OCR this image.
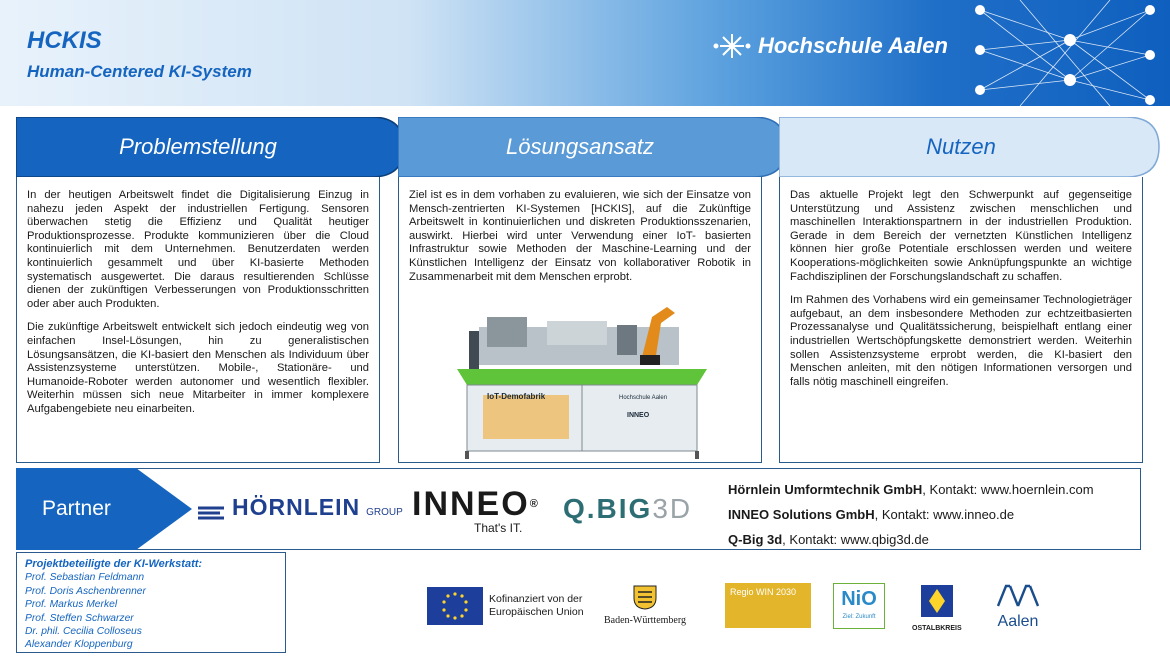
HCKIS
Human-Centered KI-System
Hochschule Aalen
Problemstellung	Lösungsansatz	Nutzen

In der heutigen Arbeitswelt findet die Digitalisierung Einzug in nahezu jeden Aspekt der industriellen Fertigung. Sensoren überwachen stetig die Effizienz und Qualität heutiger Produktionsprozesse. Produkte kommunizieren über die Cloud kontinuierlich mit dem Unternehmen. Benutzerdaten werden kontinuierlich gesammelt und über KI-basierte Methoden systematisch ausgewertet. Die daraus resultierenden Schlüsse dienen der zukünftigen Verbesserungen von Produktionsschritten oder aber auch Produkten.

Die zukünftige Arbeitswelt entwickelt sich jedoch eindeutig weg von einfachen Insel-Lösungen, hin zu generalistischen Lösungsansätzen, die KI-basiert den Menschen als Individuum über Assistenzsysteme unterstützen. Mobile-, Stationäre- und Humanoide-Roboter werden autonomer und wesentlich flexibler. Weiterhin müssen sich neue Mitarbeiter in immer komplexere Aufgabengebiete neu einarbeiten.

Ziel ist es in dem vorhaben zu evaluieren, wie sich der Einsatze von Mensch-zentrierten KI-Systemen [HCKIS], auf die Zukünftige Arbeitswelt in kontinuierlichen und diskreten Produktionsszenarien, auswirkt. Hierbei wird unter Verwendung einer IoT- basierten Infrastruktur sowie Methoden der Maschine-Learning und der Künstlichen Intelligenz der Einsatz von kollaborativer Robotik in Zusammenarbeit mit dem Menschen erprobt.

IoT-Demofabrik	Hochschule Aalen
INNEO

Das aktuelle Projekt legt den Schwerpunkt auf gegenseitige Unterstützung und Assistenz zwischen menschlichen und maschinellen Interaktionspartnern in der industriellen Produktion. Gerade in dem Bereich der vernetzten Künstlichen Intelligenz können hier große Potentiale erschlossen werden und weitere Kooperations-möglichkeiten sowie Anknüpfungspunkte an wichtige Fachdisziplinen der Forschungslandschaft zu schaffen.

Im Rahmen des Vorhabens wird ein gemeinsamer Technologieträger aufgebaut, an dem insbesondere Methoden zur echtzeitbasierten Prozessanalyse und Qualitätssicherung, beispielhaft entlang einer industriellen Wertschöpfungskette demonstriert werden. Weiterhin sollen Assistenzsysteme erprobt werden, die KI-basiert den Menschen anleiten, mit den nötigen Informationen versorgen und falls nötig maschinell eingreifen.

Partner	HÖRNLEIN GROUP INNEO®
That's IT.
Q.BIG3D
Hörnlein Umformtechnik GmbH, Kontakt: www.hoernlein.com
INNEO Solutions GmbH, Kontakt: www.inneo.de
Q-Big 3d, Kontakt: www.qbig3d.de
Projektbeteiligte der KI-Werkstatt:
Prof. Sebastian Feldmann
Prof. Doris Aschenbrenner
Prof. Markus Merkel
Prof. Steffen Schwarzer
Dr. phil. Cecilia Colloseus
Alexander Kloppenburg
Kofinanziert von der
Europäischen Union
Baden-Württemberg
Regio WIN 2030	NiO
Ziel: Zukunft
OSTALBKREIS Aalen
